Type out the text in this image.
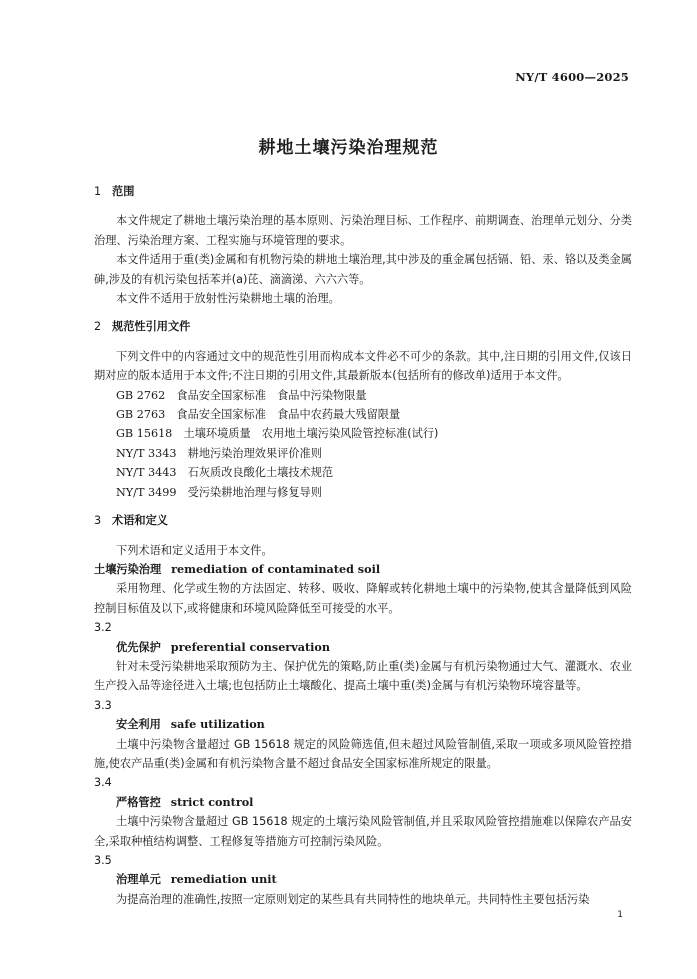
NY/T 4600—2025
耕地土壤污染治理规范
1 范围
本文件规定了耕地土壤污染治理的基本原则、污染治理目标、工作程序、前期调查、治理单元划分、分类治理、污染治理方案、工程实施与环境管理的要求。
本文件适用于重(类)金属和有机物污染的耕地土壤治理,其中涉及的重金属包括镉、铅、汞、铬以及类金属砷,涉及的有机污染包括苯并(a)芘、滴滴涕、六六六等。
本文件不适用于放射性污染耕地土壤的治理。
2 规范性引用文件
下列文件中的内容通过文中的规范性引用而构成本文件必不可少的条款。其中,注日期的引用文件,仅该日期对应的版本适用于本文件;不注日期的引用文件,其最新版本(包括所有的修改单)适用于本文件。
GB 2762　 食品安全国家标准　食品中污染物限量
GB 2763　 食品安全国家标准　食品中农药最大残留限量
GB 15618　 土壤环境质量　农用地土壤污染风险管控标准(试行)
NY/T 3343　 耕地污染治理效果评价准则
NY/T 3443　 石灰质改良酸化土壤技术规范
NY/T 3499　 受污染耕地治理与修复导则
3 术语和定义
下列术语和定义适用于本文件。
土壤污染治理 remediation of contaminated soil
采用物理、化学或生物的方法固定、转移、吸收、降解或转化耕地土壤中的污染物,使其含量降低到风险控制目标值及以下,或将健康和环境风险降低至可接受的水平。
3.2
优先保护 preferential conservation
针对未受污染耕地采取预防为主、保护优先的策略,防止重(类)金属与有机污染物通过大气、灌溉水、农业生产投入品等途径进入土壤;也包括防止土壤酸化、提高土壤中重(类)金属与有机污染物环境容量等。
3.3
安全利用 safe utilization
土壤中污染物含量超过 GB 15618 规定的风险筛选值,但未超过风险管制值,采取一项或多项风险管控措施,使农产品重(类)金属和有机污染物含量不超过食品安全国家标准所规定的限量。
3.4
严格管控 strict control
土壤中污染物含量超过 GB 15618 规定的土壤污染风险管制值,并且采取风险管控措施难以保障农产品安全,采取种植结构调整、工程修复等措施方可控制污染风险。
3.5
治理单元 remediation unit
为提高治理的准确性,按照一定原则划定的某些具有共同特性的地块单元。共同特性主要包括污染
1
